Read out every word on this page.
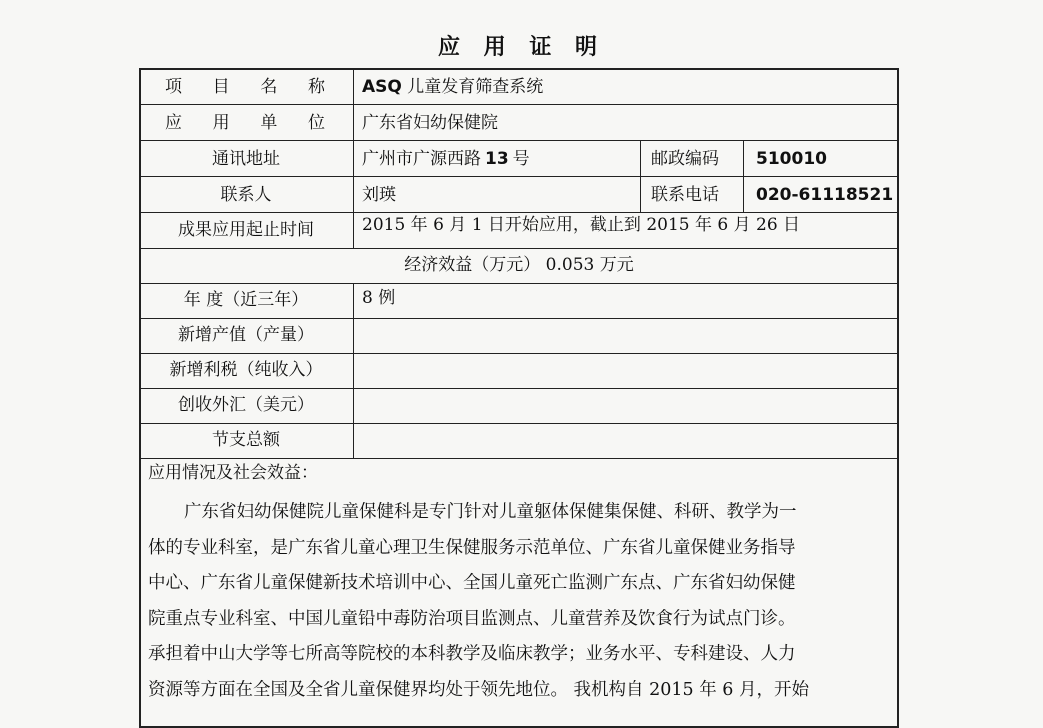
应 用 证 明
项目名称 ASQ 儿童发育筛查系统
应用单位 广东省妇幼保健院
通讯地址	广州市广源西路 13 号	邮政编码 510010
联系人	刘瑛	联系电话 020-61118521
成果应用起止时间	2015 年 6 月 1 日开始应用，截止到 2015 年 6 月 26 日
经济效益（万元） 0.053 万元
年 度（近三年）	8 例
新增产值（产量）
新增利税（纯收入）
创收外汇（美元）
节支总额
应用情况及社会效益：

广东省妇幼保健院儿童保健科是专门针对儿童躯体保健集保健、科研、教学为一

体的专业科室，是广东省儿童心理卫生保健服务示范单位、广东省儿童保健业务指导

中心、广东省儿童保健新技术培训中心、全国儿童死亡监测广东点、广东省妇幼保健

院重点专业科室、中国儿童铅中毒防治项目监测点、儿童营养及饮食行为试点门诊。

承担着中山大学等七所高等院校的本科教学及临床教学；业务水平、专科建设、人力

资源等方面在全国及全省儿童保健界均处于领先地位。 我机构自 2015 年 6 月，开始
